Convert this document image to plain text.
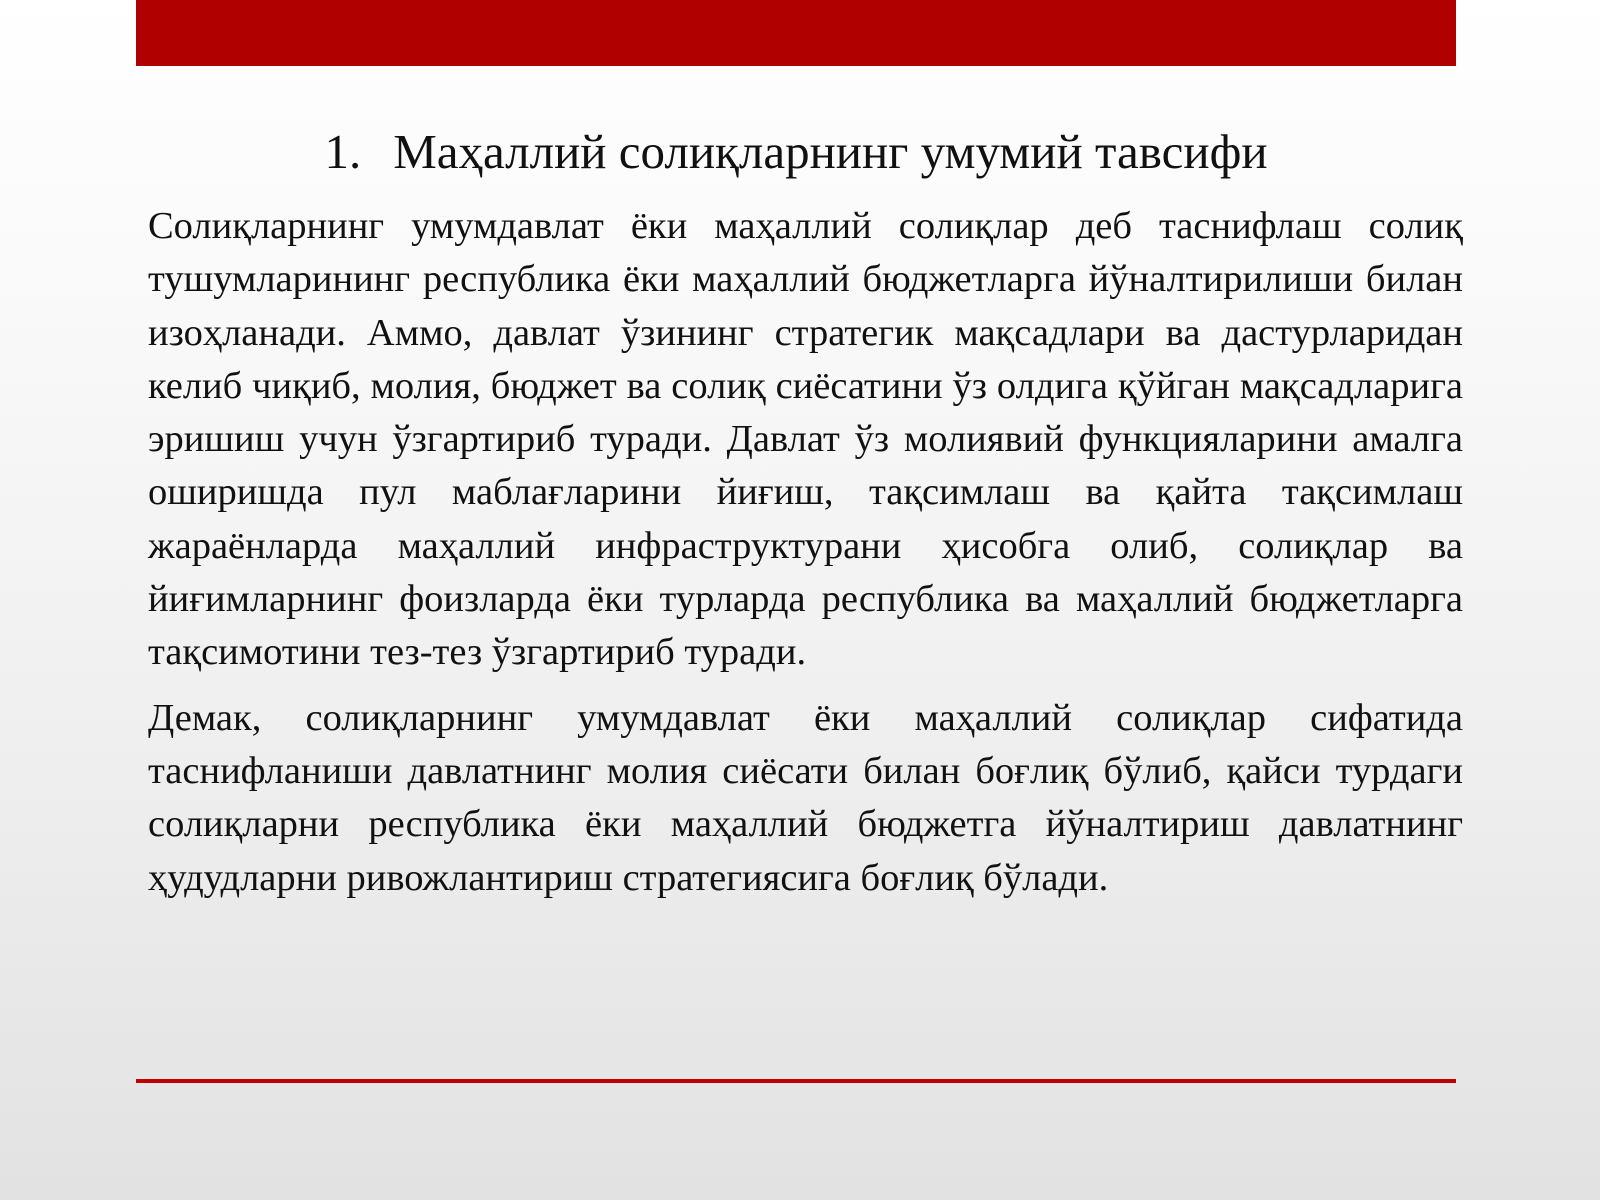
1. Маҳаллий солиқларнинг умумий тавсифи

Солиқларнинг умумдавлат ёки маҳаллий солиқлар деб таснифлаш солиқ тушумларининг республика ёки маҳаллий бюджетларга йўналтирилиши билан изоҳланади. Аммо, давлат ўзининг стратегик мақсадлари ва дастурларидан келиб чиқиб, молия, бюджет ва солиқ сиёсатини ўз олдига қўйган мақсадларига эришиш учун ўзгартириб туради. Давлат ўз молиявий функцияларини амалга оширишда пул маблағларини йиғиш, тақсимлаш ва қайта тақсимлаш жараёнларда маҳаллий инфраструктурани ҳисобга олиб, солиқлар ва йиғимларнинг фоизларда ёки турларда республика ва маҳаллий бюджетларга тақсимотини тез-тез ўзгартириб туради.

Демак, солиқларнинг умумдавлат ёки маҳаллий солиқлар сифатида таснифланиши давлатнинг молия сиёсати билан боғлиқ бўлиб, қайси турдаги солиқларни республика ёки маҳаллий бюджетга йўналтириш давлатнинг ҳудудларни ривожлантириш стратегиясига боғлиқ бўлади.
